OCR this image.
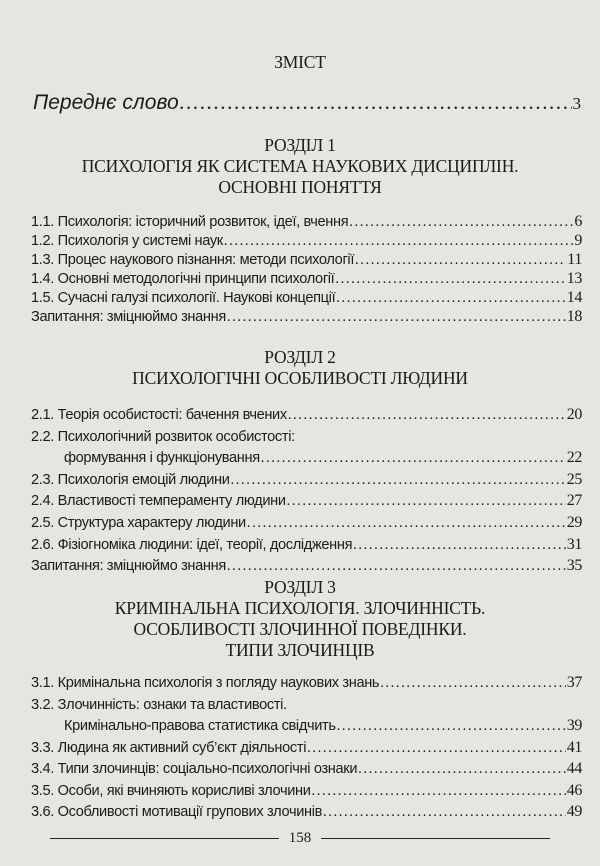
ЗМІСТ
Переднє слово .....	3
РОЗДІЛ 1
ПСИХОЛОГІЯ ЯК СИСТЕМА НАУКОВИХ ДИСЦИПЛІН.
ОСНОВНІ ПОНЯТТЯ
1.1. Психологія: історичний розвиток, ідеї, вчення .....	6
1.2. Психологія у системі наук .....	9
1.3. Процес наукового пізнання: методи психології .....	11
1.4. Основні методологічні принципи психології .....	13
1.5. Сучасні галузі психології. Наукові концепції .....	14
Запитання: зміцнюймо знання .....	18
РОЗДІЛ 2
ПСИХОЛОГІЧНІ ОСОБЛИВОСТІ ЛЮДИНИ
2.1. Теорія особистості: бачення вчених .....	20
2.2. Психологічний розвиток особистості:
формування і функціонування .....	22
2.3. Психологія емоцій людини .....	25
2.4. Властивості темпераменту людини .....	27
2.5. Структура характеру людини .....	29
2.6. Фізіогноміка людини: ідеї, теорії, дослідження .....	31
Запитання: зміцнюймо знання .....	35
РОЗДІЛ 3
КРИМІНАЛЬНА ПСИХОЛОГІЯ. ЗЛОЧИННІСТЬ.
ОСОБЛИВОСТІ ЗЛОЧИННОЇ ПОВЕДІНКИ.
ТИПИ ЗЛОЧИНЦІВ
3.1. Кримінальна психологія з погляду наукових знань .....	37
3.2. Злочинність: ознаки та властивості.
Кримінально-правова статистика свідчить .....	39
3.3. Людина як активний суб’єкт діяльності .....	41
3.4. Типи злочинців: соціально-психологічні ознаки .....	44
3.5. Особи, які вчиняють корисливі злочини .....	46
3.6. Особливості мотивації групових злочинів .....	49
158
